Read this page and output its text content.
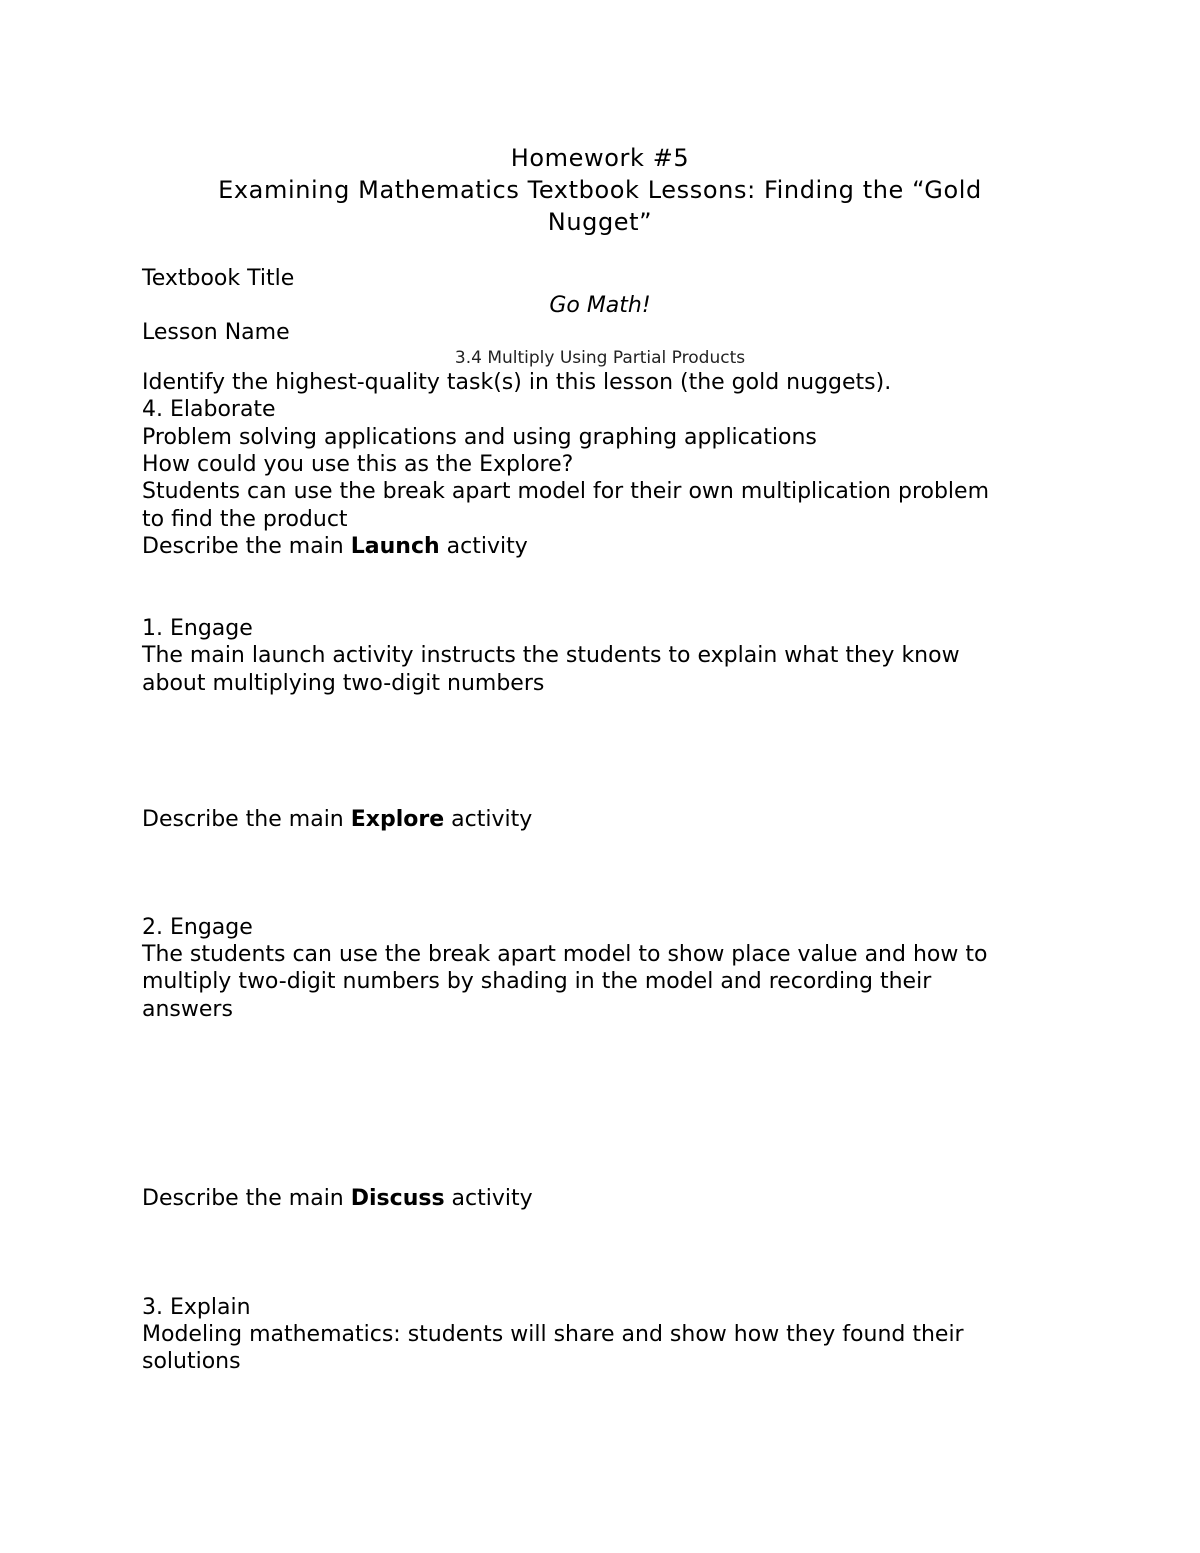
Homework #5
Examining Mathematics Textbook Lessons: Finding the “Gold
Nugget”
Textbook Title
Go Math!
Lesson Name
3.4 Multiply Using Partial Products
Identify the highest-quality task(s) in this lesson (the gold nuggets).
4. Elaborate
Problem solving applications and using graphing applications
How could you use this as the Explore?
Students can use the break apart model for their own multiplication problem
to find the product
Describe the main Launch activity
1. Engage
The main launch activity instructs the students to explain what they know
about multiplying two-digit numbers
Describe the main Explore activity
2. Engage
The students can use the break apart model to show place value and how to
multiply two-digit numbers by shading in the model and recording their
answers
Describe the main Discuss activity
3. Explain
Modeling mathematics: students will share and show how they found their
solutions
